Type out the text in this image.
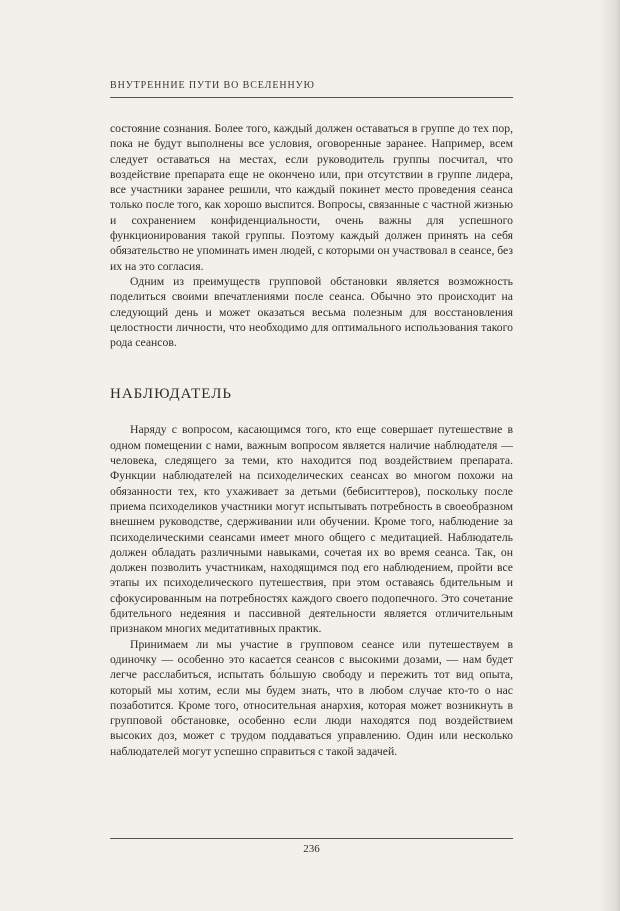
ВНУТРЕННИЕ ПУТИ ВО ВСЕЛЕННУЮ

состояние сознания. Более того, каждый должен оставаться в группе до тех пор, пока не будут выполнены все условия, оговоренные заранее. Например, всем следует оставаться на местах, если руководитель группы посчитал, что воздействие препарата еще не окончено или, при отсутствии в группе лидера, все участники заранее решили, что каждый покинет место проведения сеанса только после того, как хорошо выспится. Вопросы, связанные с частной жизнью и сохранением конфиденциальности, очень важны для успешного функционирования такой группы. Поэтому каждый должен принять на себя обязательство не упоминать имен людей, с которыми он участвовал в сеансе, без их на это согласия.

Одним из преимуществ групповой обстановки является возможность поделиться своими впечатлениями после сеанса. Обычно это происходит на следующий день и может оказаться весьма полезным для восстановления целостности личности, что необходимо для оптимального использования такого рода сеансов.

НАБЛЮДАТЕЛЬ

Наряду с вопросом, касающимся того, кто еще совершает путешествие в одном помещении с нами, важным вопросом является наличие наблюдателя — человека, следящего за теми, кто находится под воздействием препарата. Функции наблюдателей на психоделических сеансах во многом похожи на обязанности тех, кто ухаживает за детьми (бебиситтеров), поскольку после приема психоделиков участники могут испытывать потребность в своеобразном внешнем руководстве, сдерживании или обучении. Кроме того, наблюдение за психоделическими сеансами имеет много общего с медитацией. Наблюдатель должен обладать различными навыками, сочетая их во время сеанса. Так, он должен позволить участникам, находящимся под его наблюдением, пройти все этапы их психоделического путешествия, при этом оставаясь бдительным и сфокусированным на потребностях каждого своего подопечного. Это сочетание бдительного недеяния и пассивной деятельности является отличительным признаком многих медитативных практик.

Принимаем ли мы участие в групповом сеансе или путешествуем в одиночку — особенно это касается сеансов с высокими дозами, — нам будет легче расслабиться, испытать бо́льшую свободу и пережить тот вид опыта, который мы хотим, если мы будем знать, что в любом случае кто-то о нас позаботится. Кроме того, относительная анархия, которая может возникнуть в групповой обстановке, особенно если люди находятся под воздействием высоких доз, может с трудом поддаваться управлению. Один или несколько наблюдателей могут успешно справиться с такой задачей.

236
